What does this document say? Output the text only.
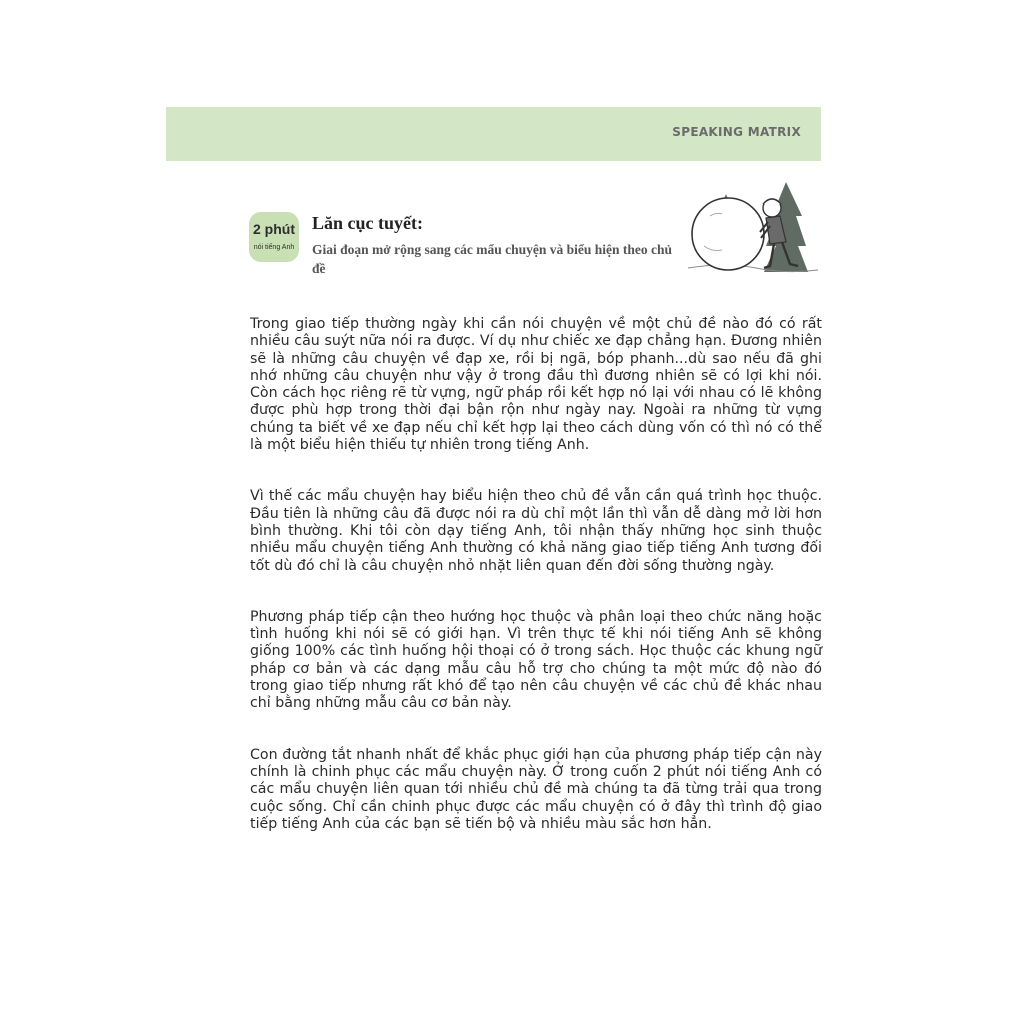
SPEAKING MATRIX
2 phút
nói tiếng Anh
Lăn cục tuyết:
Giai đoạn mở rộng sang các mẩu chuyện và biểu hiện theo chủ đề

Trong giao tiếp thường ngày khi cần nói chuyện về một chủ đề nào đó có rất nhiều câu suýt nữa nói ra được. Ví dụ như chiếc xe đạp chẳng hạn. Đương nhiên sẽ là những câu chuyện về đạp xe, rồi bị ngã, bóp phanh...dù sao nếu đã ghi nhớ những câu chuyện như vậy ở trong đầu thì đương nhiên sẽ có lợi khi nói. Còn cách học riêng rẽ từ vựng, ngữ pháp rồi kết hợp nó lại với nhau có lẽ không được phù hợp trong thời đại bận rộn như ngày nay. Ngoài ra những từ vựng chúng ta biết về xe đạp nếu chỉ kết hợp lại theo cách dùng vốn có thì nó có thể là một biểu hiện thiếu tự nhiên trong tiếng Anh.

Vì thế các mẩu chuyện hay biểu hiện theo chủ đề vẫn cần quá trình học thuộc. Đầu tiên là những câu đã được nói ra dù chỉ một lần thì vẫn dễ dàng mở lời hơn bình thường. Khi tôi còn dạy tiếng Anh, tôi nhận thấy những học sinh thuộc nhiều mẩu chuyện tiếng Anh thường có khả năng giao tiếp tiếng Anh tương đối tốt dù đó chỉ là câu chuyện nhỏ nhặt liên quan đến đời sống thường ngày.

Phương pháp tiếp cận theo hướng học thuộc và phân loại theo chức năng hoặc tình huống khi nói sẽ có giới hạn. Vì trên thực tế khi nói tiếng Anh sẽ không giống 100% các tình huống hội thoại có ở trong sách. Học thuộc các khung ngữ pháp cơ bản và các dạng mẫu câu hỗ trợ cho chúng ta một mức độ nào đó trong giao tiếp nhưng rất khó để tạo nên câu chuyện về các chủ đề khác nhau chỉ bằng những mẫu câu cơ bản này.

Con đường tắt nhanh nhất để khắc phục giới hạn của phương pháp tiếp cận này chính là chinh phục các mẩu chuyện này. Ở trong cuốn 2 phút nói tiếng Anh có các mẩu chuyện liên quan tới nhiều chủ đề mà chúng ta đã từng trải qua trong cuộc sống. Chỉ cần chinh phục được các mẩu chuyện có ở đây thì trình độ giao tiếp tiếng Anh của các bạn sẽ tiến bộ và nhiều màu sắc hơn hẳn.
